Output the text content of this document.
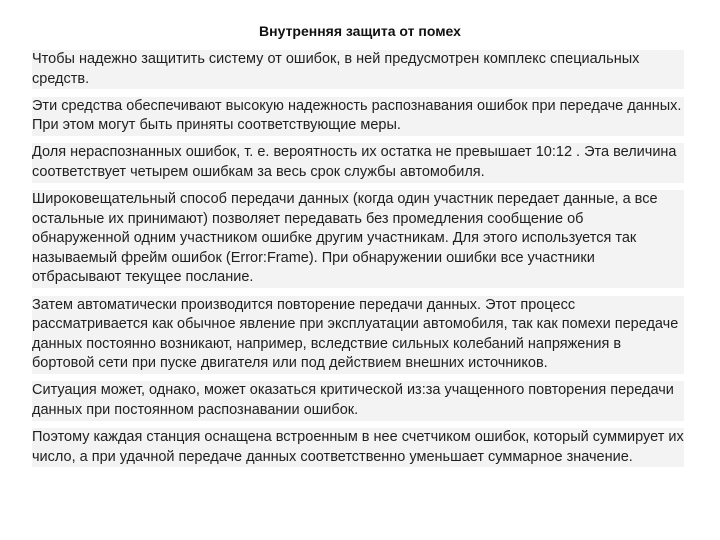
Внутренняя защита от помех

Чтобы надежно защитить систему от ошибок, в ней предусмотрен комплекс специальных средств.

Эти средства обеспечивают высокую надежность распознавания ошибок при передаче данных. При этом могут быть приняты соответствующие меры.

Доля нераспознанных ошибок, т. е. вероятность их остатка не превышает 10:12 . Эта величина соответствует четырем ошибкам за весь срок службы автомобиля.

Широковещательный способ передачи данных (когда один участник передает данные, а все остальные их принимают) позволяет передавать без промедления сообщение об обнаруженной одним участником ошибке другим участникам. Для этого используется так называемый фрейм ошибок (Error:Frame). При обнаружении ошибки все участники отбрасывают текущее послание.

Затем автоматически производится повторение передачи данных. Этот процесс рассматривается как обычное явление при эксплуатации автомобиля, так как помехи передаче данных постоянно возникают, например, вследствие сильных колебаний напряжения в бортовой сети при пуске двигателя или под действием внешних источников.

Ситуация может, однако, может оказаться критической из:за учащенного повторения передачи данных при постоянном распознавании ошибок.

Поэтому каждая станция оснащена встроенным в нее счетчиком ошибок, который суммирует их число, а при удачной передаче данных соответственно уменьшает суммарное значение.
